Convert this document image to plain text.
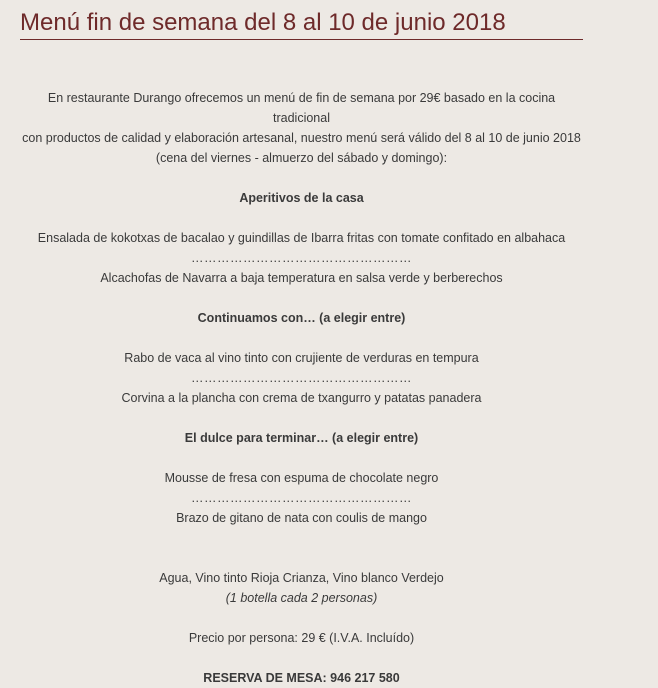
Menú fin de semana del 8 al 10 de junio 2018

En restaurante Durango ofrecemos un menú de fin de semana por 29€ basado en la cocina tradicional

con productos de calidad y elaboración artesanal, nuestro menú será válido del 8 al 10 de junio 2018

(cena del viernes - almuerzo del sábado y domingo):

Aperitivos de la casa

Ensalada de kokotxas de bacalao y guindillas de Ibarra fritas con tomate confitado en albahaca

……………………………………………

Alcachofas de Navarra a baja temperatura en salsa verde y berberechos

Continuamos con… (a elegir entre)

Rabo de vaca al vino tinto con crujiente de verduras en tempura

……………………………………………

Corvina a la plancha con crema de txangurro y patatas panadera

El dulce para terminar… (a elegir entre)

Mousse de fresa con espuma de chocolate negro

……………………………………………

Brazo de gitano de nata con coulis de mango

Agua, Vino tinto Rioja Crianza, Vino blanco Verdejo

(1 botella cada 2 personas)

Precio por persona: 29 € (I.V.A. Incluído)

RESERVA DE MESA: 946 217 580
